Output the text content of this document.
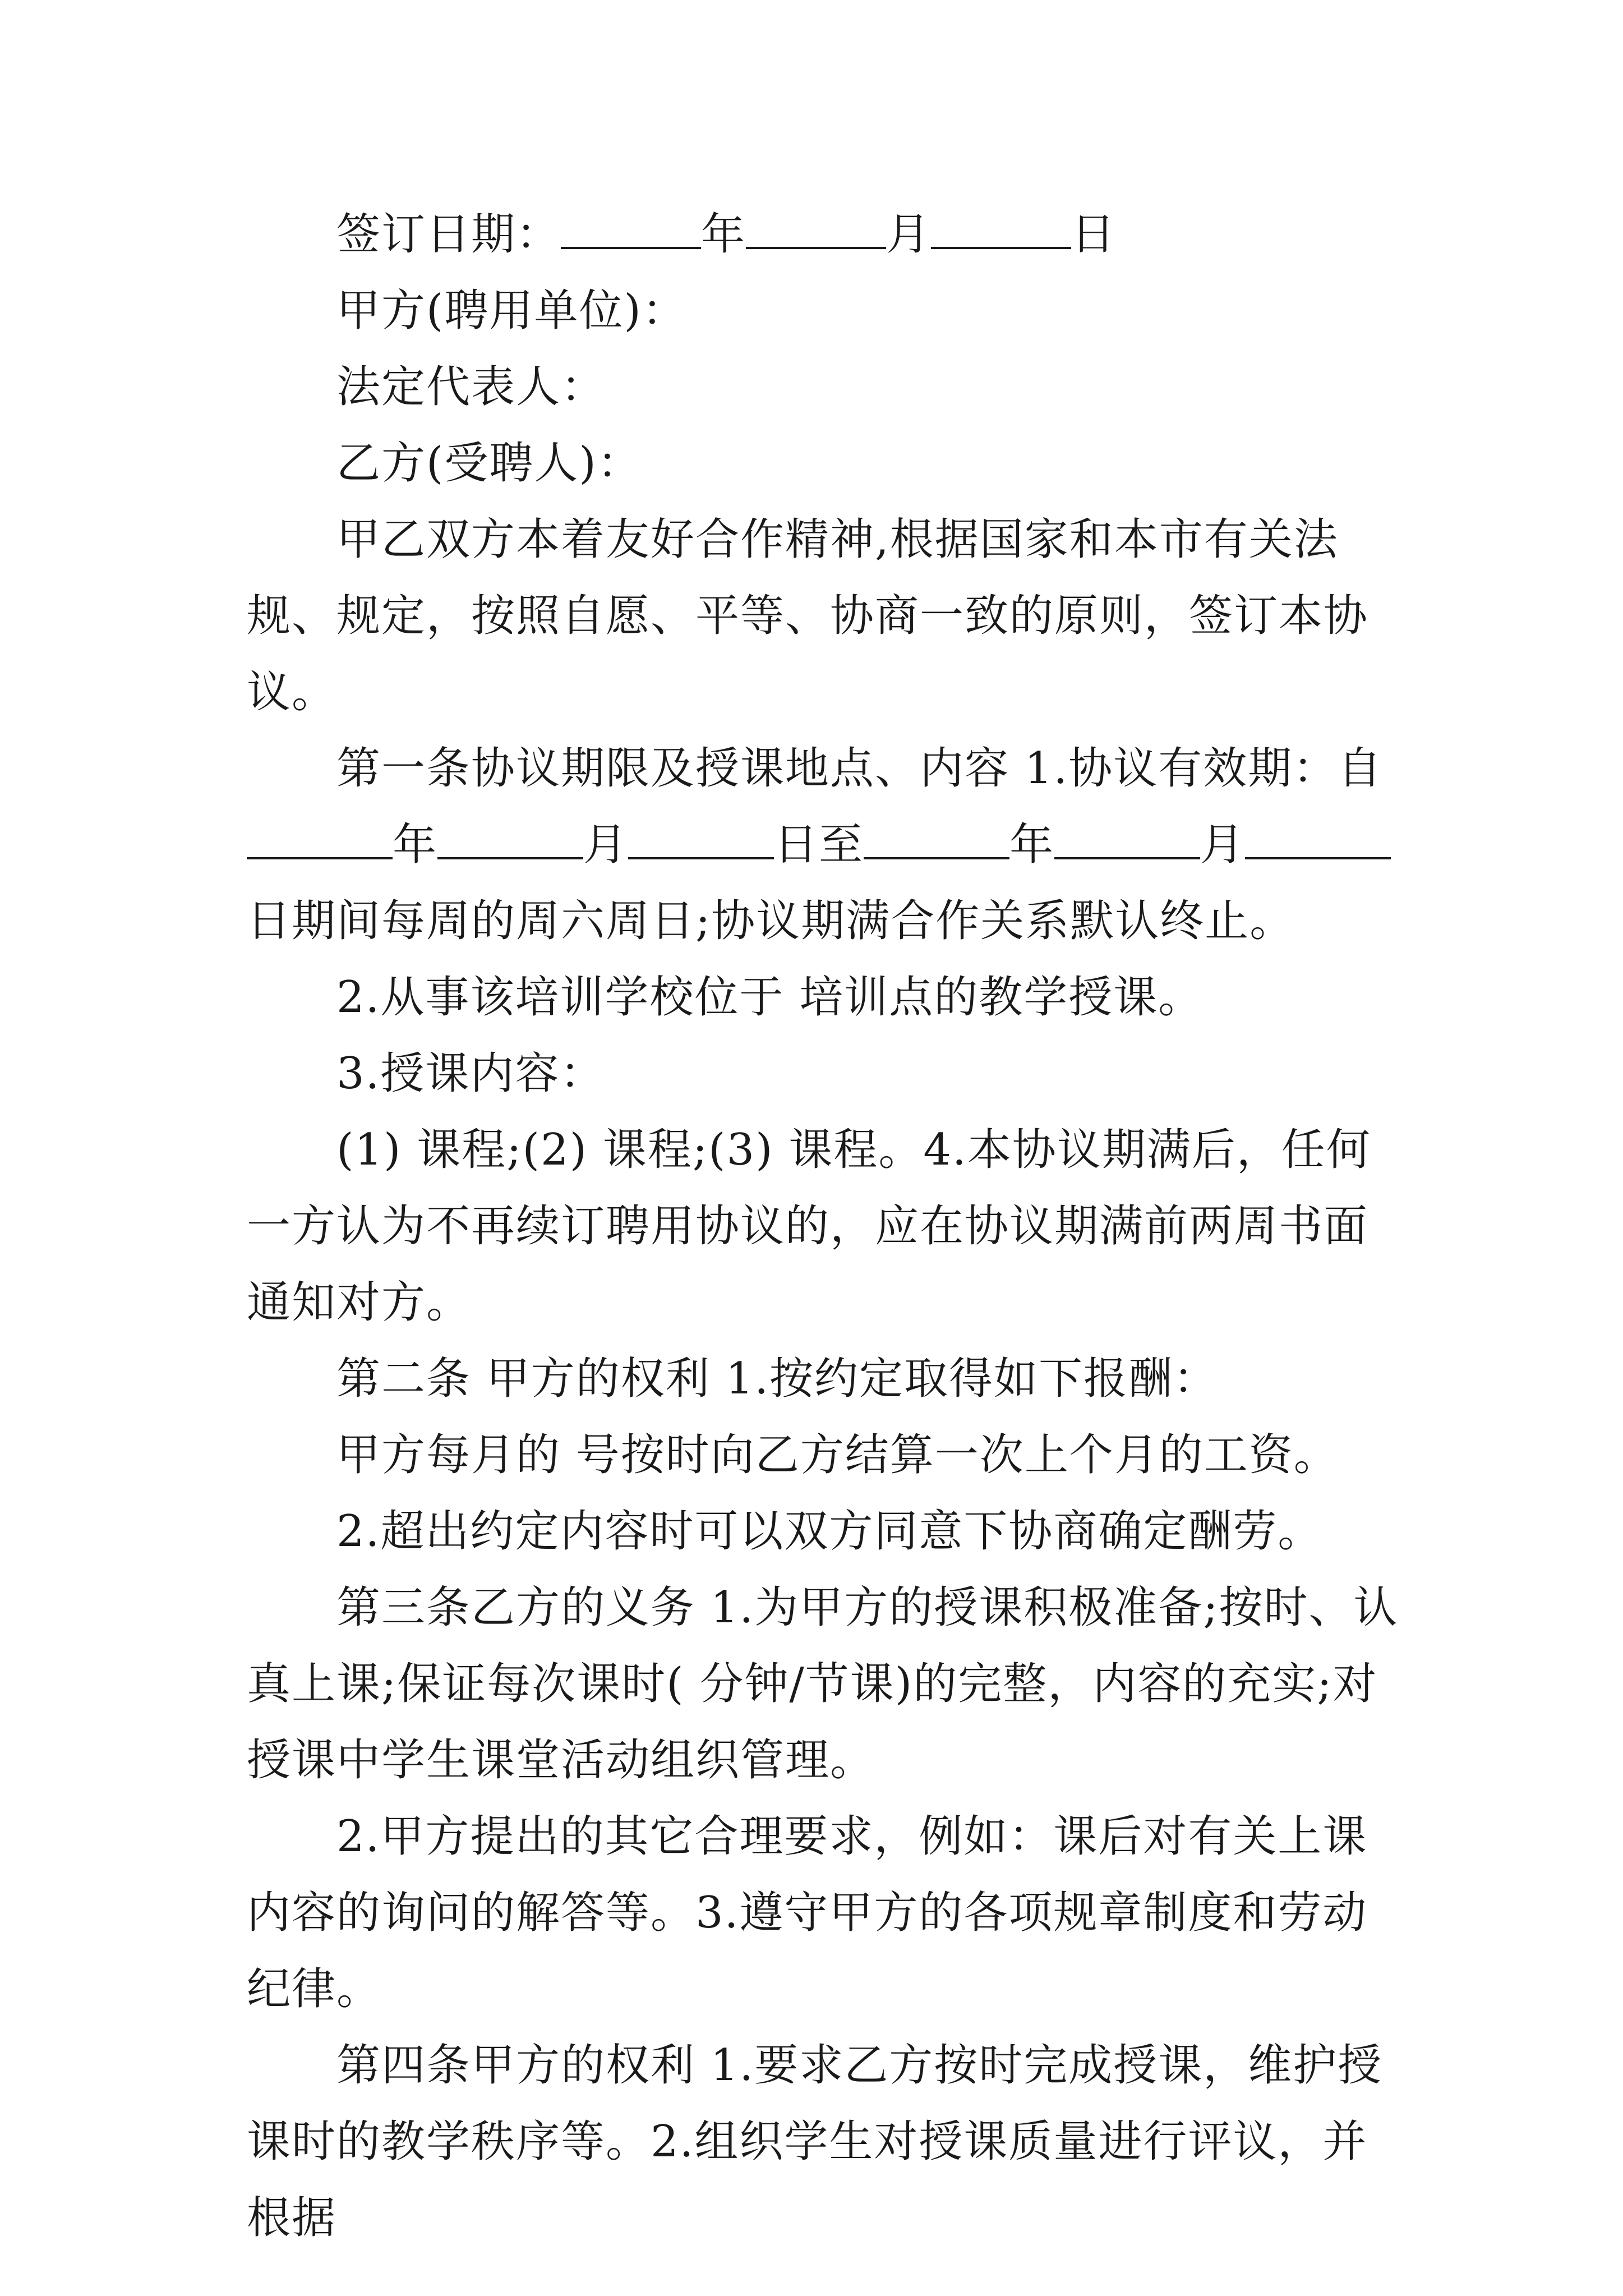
签订日期：	年	月	日

甲方(聘用单位)：

法定代表人：

乙方(受聘人)：

甲乙双方本着友好合作精神,根据国家和本市有关法规、规定，按照自愿、平等、协商一致的原则，签订本协议。

第一条协议期限及授课地点、内容 1.协议有效期：自年	月	日至	年	月日期间每周的周六周日;协议期满合作关系默认终止。

2.从事该培训学校位于 培训点的教学授课。

3.授课内容：

(1) 课程;(2) 课程;(3) 课程。4.本协议期满后，任何一方认为不再续订聘用协议的，应在协议期满前两周书面通知对方。

第二条 甲方的权利 1.按约定取得如下报酬：

甲方每月的 号按时向乙方结算一次上个月的工资。

2.超出约定内容时可以双方同意下协商确定酬劳。

第三条乙方的义务 1.为甲方的授课积极准备;按时、认真上课;保证每次课时( 分钟/节课)的完整，内容的充实;对授课中学生课堂活动组织管理。

2.甲方提出的其它合理要求，例如：课后对有关上课内容的询问的解答等。3.遵守甲方的各项规章制度和劳动纪律。

第四条甲方的权利 1.要求乙方按时完成授课，维护授课时的教学秩序等。2.组织学生对授课质量进行评议，并根据
